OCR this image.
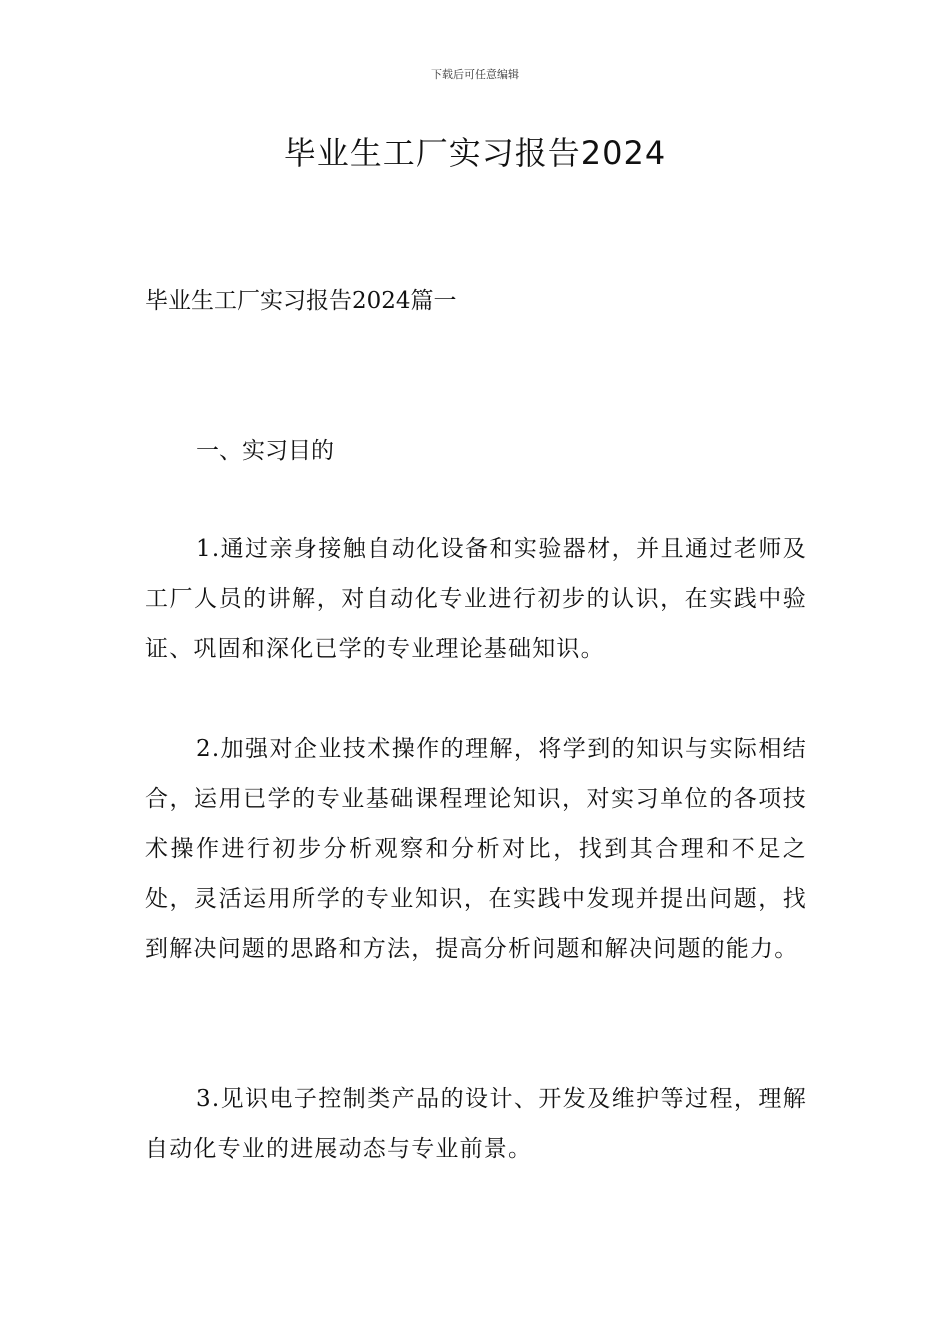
下载后可任意编辑
毕业生工厂实习报告2024

毕业生工厂实习报告2024篇一

一、实习目的

1.通过亲身接触自动化设备和实验器材，并且通过老师及工厂人员的讲解，对自动化专业进行初步的认识，在实践中验证、巩固和深化已学的专业理论基础知识。

2.加强对企业技术操作的理解，将学到的知识与实际相结合，运用已学的专业基础课程理论知识，对实习单位的各项技术操作进行初步分析观察和分析对比，找到其合理和不足之处，灵活运用所学的专业知识，在实践中发现并提出问题，找到解决问题的思路和方法，提高分析问题和解决问题的能力。

3.见识电子控制类产品的设计、开发及维护等过程，理解自动化专业的进展动态与专业前景。
